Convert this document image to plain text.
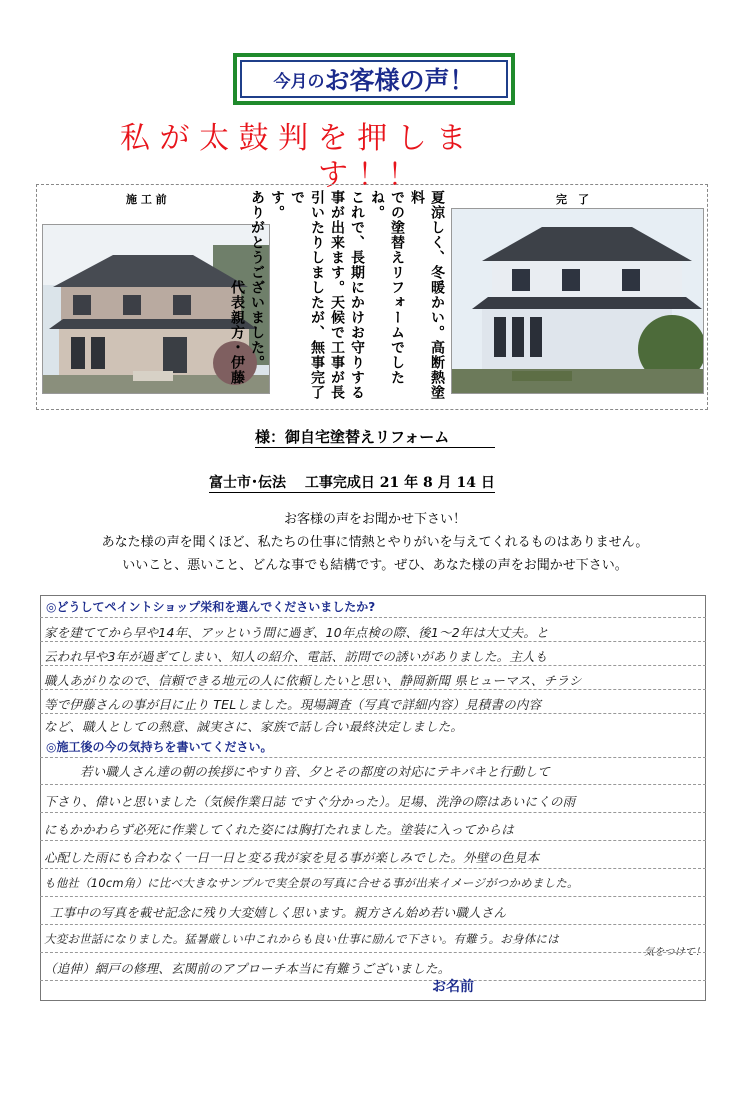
今月の お客様の声！
私 が 太 鼓 判 を 押 し ま
す ！！
施 工 前	完　了
夏涼しく、冬暖かい。高断熱塗料
での塗替えリフォームでしたね。
これで、長期にかけお守りする
事が出来ます。天候で工事が長
引いたりしましたが、無事完了で
す。
ありがとうございました。
　　　　　　代表親方・伊藤
様：御自宅塗替えリフォーム
富士市･伝法　 工事完成日 21 年 8 月 14 日
お客様の声をお聞かせ下さい！
あなた様の声を聞くほど、私たちの仕事に情熱とやりがいを与えてくれるものはありません。
いいこと、悪いこと、どんな事でも結構です。ぜひ、あなた様の声をお聞かせ下さい。
◎どうしてペイントショップ栄和を選んでくださいましたか?
家を建ててから早や14年、アッという間に過ぎ、10年点検の際、後1〜2年は大丈夫。と
云われ早や3年が過ぎてしまい、知人の紹介、電話、訪問での誘いがありました。主人も
職人あがりなので、信頼できる地元の人に依頼したいと思い、静岡新聞 県ヒューマス、チラシ
等で伊藤さんの事が目に止り TELしました。現場調査（写真で詳細内容）見積書の内容
など、職人としての熱意、誠実さに、家族で話し合い最終決定しました。
◎施工後の今の気持ちを書いてください。
若い職人さん達の朝の挨拶にやすり音、夕とその都度の対応にテキパキと行動して
下さり、偉いと思いました（気候作業日誌 ですぐ分かった）。足場、洗浄の際はあいにくの雨
にもかかわらず必死に作業してくれた姿には胸打たれました。塗装に入ってからは
心配した雨にも合わなく一日一日と変る我が家を見る事が楽しみでした。外壁の色見本
も他社（10cm角）に比べ大きなサンプルで実全景の写真に合せる事が出来イメージがつかめました。
工事中の写真を載せ記念に残り大変嬉しく思います。親方さん始め若い職人さん
大変お世話になりました。猛暑厳しい中これからも良い仕事に励んで下さい。有難う。お身体には
気をつけて！
（追伸）網戸の修理、玄関前のアプローチ本当に有難うございました。
お名前
